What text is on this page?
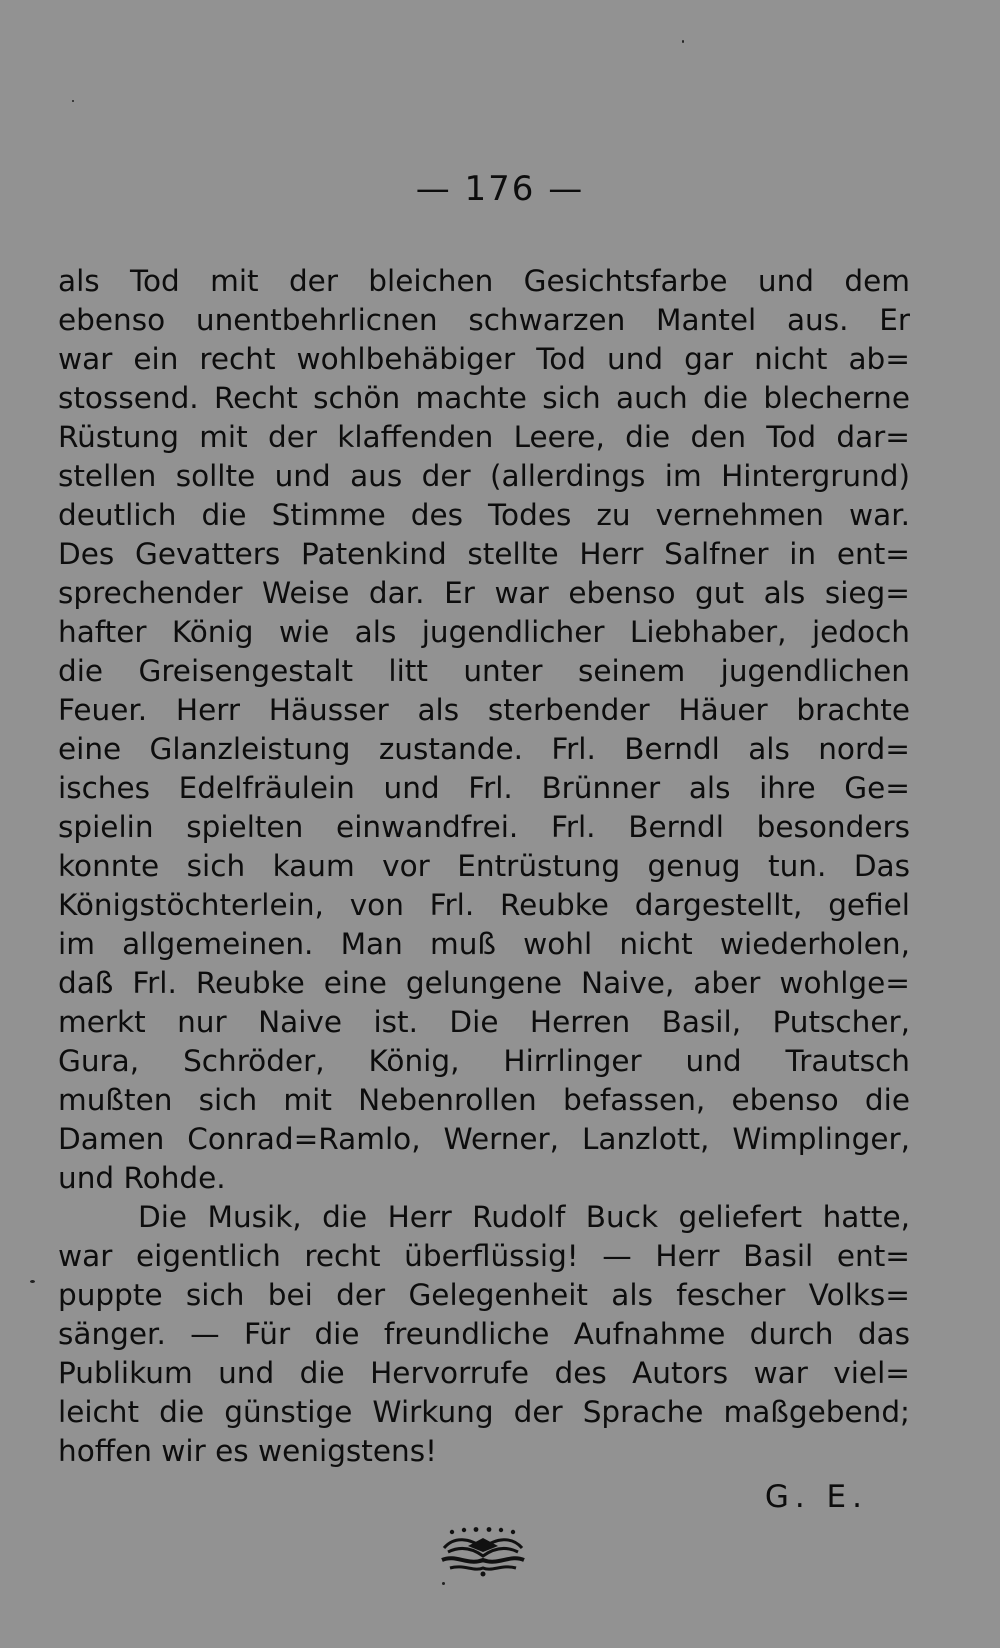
— 176 —
als Tod mit der bleichen Gesichtsfarbe und dem
ebenso unentbehrlicnen schwarzen Mantel aus. Er
war ein recht wohlbehäbiger Tod und gar nicht ab=
stossend. Recht schön machte sich auch die blecherne
Rüstung mit der klaffenden Leere, die den Tod dar=
stellen sollte und aus der (allerdings im Hintergrund)
deutlich die Stimme des Todes zu vernehmen war.
Des Gevatters Patenkind stellte Herr Salfner in ent=
sprechender Weise dar. Er war ebenso gut als sieg=
hafter König wie als jugendlicher Liebhaber, jedoch
die Greisengestalt litt unter seinem jugendlichen
Feuer. Herr Häusser als sterbender Häuer brachte
eine Glanzleistung zustande. Frl. Berndl als nord=
isches Edelfräulein und Frl. Brünner als ihre Ge=
spielin spielten einwandfrei. Frl. Berndl besonders
konnte sich kaum vor Entrüstung genug tun. Das
Königstöchterlein, von Frl. Reubke dargestellt, gefiel
im allgemeinen. Man muß wohl nicht wiederholen,
daß Frl. Reubke eine gelungene Naive, aber wohlge=
merkt nur Naive ist. Die Herren Basil, Putscher,
Gura, Schröder, König, Hirrlinger und Trautsch
mußten sich mit Nebenrollen befassen, ebenso die
Damen Conrad=Ramlo, Werner, Lanzlott, Wimplinger,
und Rohde.
Die Musik, die Herr Rudolf Buck geliefert hatte,
war eigentlich recht überflüssig! — Herr Basil ent=
puppte sich bei der Gelegenheit als fescher Volks=
sänger. — Für die freundliche Aufnahme durch das
Publikum und die Hervorrufe des Autors war viel=
leicht die günstige Wirkung der Sprache maßgebend;
hoffen wir es wenigstens!
G. E.
